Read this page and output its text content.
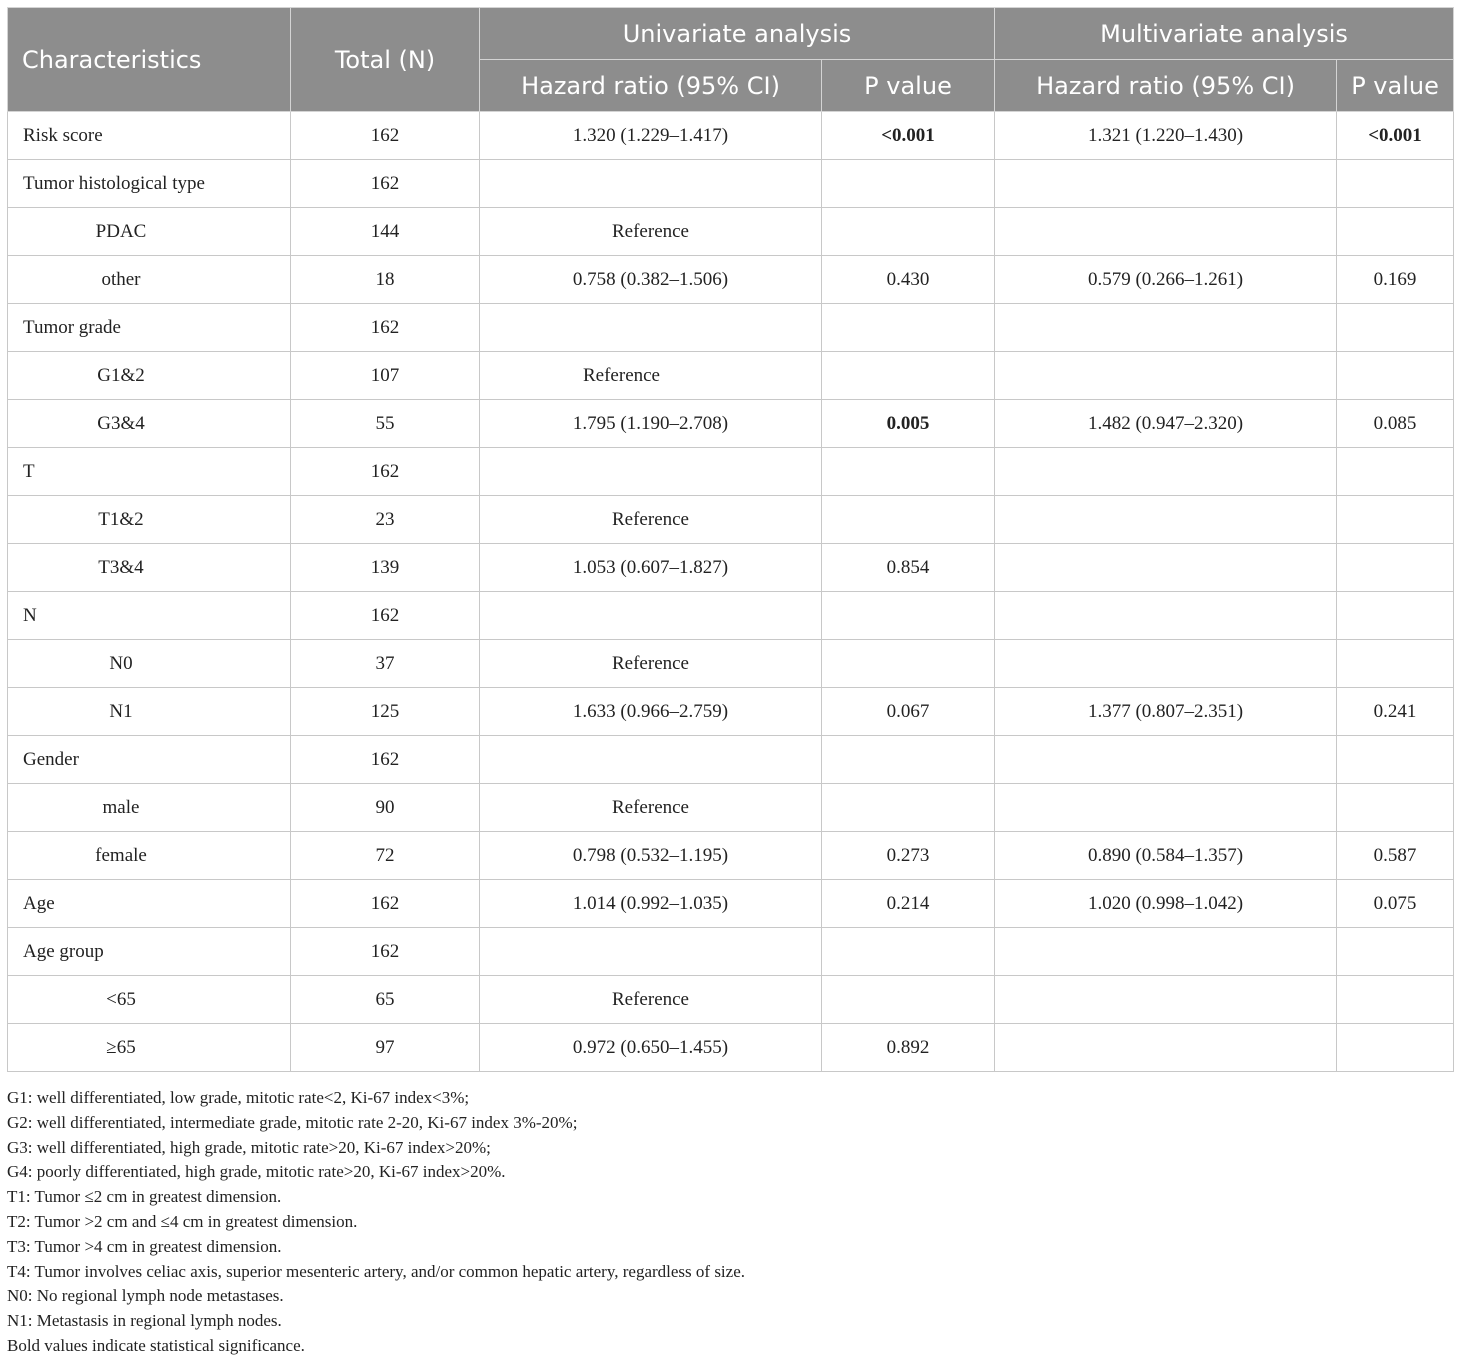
Characteristics	Total (N)	Univariate analysis		Multivariate analysis	
		Hazard ratio (95% CI)	P value	Hazard ratio (95% CI)	P value
Risk score	162	1.320 (1.229–1.417)	<0.001	1.321 (1.220–1.430)	<0.001
Tumor histological type	162				
PDAC	144	Reference			
other	18	0.758 (0.382–1.506)	0.430	0.579 (0.266–1.261)	0.169
Tumor grade	162				
G1&2	107	Reference			

G3&4	55	1.795 (1.190–2.708)	0.005	1.482 (0.947–2.320)	0.085
T	162				
T1&2	23	Reference			
T3&4	139	1.053 (0.607–1.827)	0.854		
N	162				
N0	37	Reference			
N1	125	1.633 (0.966–2.759)	0.067	1.377 (0.807–2.351)	0.241
Gender	162				
male	90	Reference			
female	72	0.798 (0.532–1.195)	0.273	0.890 (0.584–1.357)	0.587
Age	162	1.014 (0.992–1.035)	0.214	1.020 (0.998–1.042)	0.075
Age group	162				
<65	65	Reference			
≥65	97	0.972 (0.650–1.455)	0.892		
G1: well differentiated, low grade, mitotic rate<2, Ki-67 index<3%;
G2: well differentiated, intermediate grade, mitotic rate 2-20, Ki-67 index 3%-20%;
G3: well differentiated, high grade, mitotic rate>20, Ki-67 index>20%;
G4: poorly differentiated, high grade, mitotic rate>20, Ki-67 index>20%.
T1: Tumor ≤2 cm in greatest dimension.
T2: Tumor >2 cm and ≤4 cm in greatest dimension.
T3: Tumor >4 cm in greatest dimension.
T4: Tumor involves celiac axis, superior mesenteric artery, and/or common hepatic artery, regardless of size.
N0: No regional lymph node metastases.
N1: Metastasis in regional lymph nodes.
Bold values indicate statistical significance.
